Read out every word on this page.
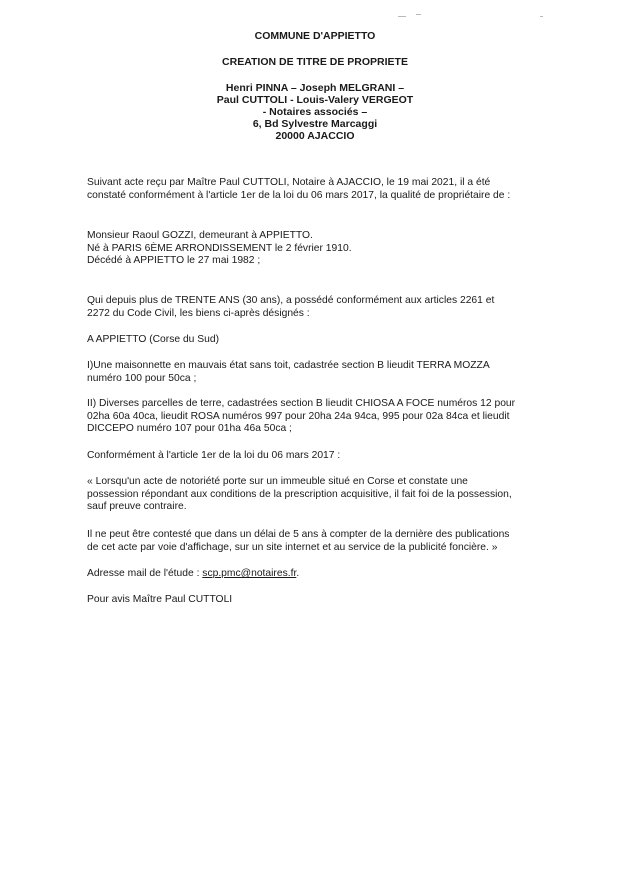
COMMUNE D'APPIETTO
CREATION DE TITRE DE PROPRIETE
Henri PINNA – Joseph MELGRANI –
Paul CUTTOLI - Louis-Valery VERGEOT
- Notaires associés –
6, Bd Sylvestre Marcaggi
20000 AJACCIO

Suivant acte reçu par Maître Paul CUTTOLI, Notaire à AJACCIO, le 19 mai 2021, il a été
constaté conformément à l'article 1er de la loi du 06 mars 2017, la qualité de propriétaire de :

Monsieur Raoul GOZZI, demeurant à APPIETTO.
Né à PARIS 6ÈME ARRONDISSEMENT le 2 février 1910.
Décédé à APPIETTO le 27 mai 1982 ;

Qui depuis plus de TRENTE ANS (30 ans), a possédé conformément aux articles 2261 et
2272 du Code Civil, les biens ci-après désignés :

A APPIETTO (Corse du Sud)

I)Une maisonnette en mauvais état sans toit, cadastrée section B lieudit TERRA MOZZA
numéro 100 pour 50ca ;

II) Diverses parcelles de terre, cadastrées section B lieudit CHIOSA A FOCE numéros 12 pour
02ha 60a 40ca, lieudit ROSA numéros 997 pour 20ha 24a 94ca, 995 pour 02a 84ca et lieudit
DICCEPO numéro 107 pour 01ha 46a 50ca ;

Conformément à l'article 1er de la loi du 06 mars 2017 :

« Lorsqu'un acte de notoriété porte sur un immeuble situé en Corse et constate une
possession répondant aux conditions de la prescription acquisitive, il fait foi de la possession,
sauf preuve contraire.

Il ne peut être contesté que dans un délai de 5 ans à compter de la dernière des publications
de cet acte par voie d'affichage, sur un site internet et au service de la publicité foncière. »

Adresse mail de l'étude : scp.pmc@notaires.fr.

Pour avis Maître Paul CUTTOLI
